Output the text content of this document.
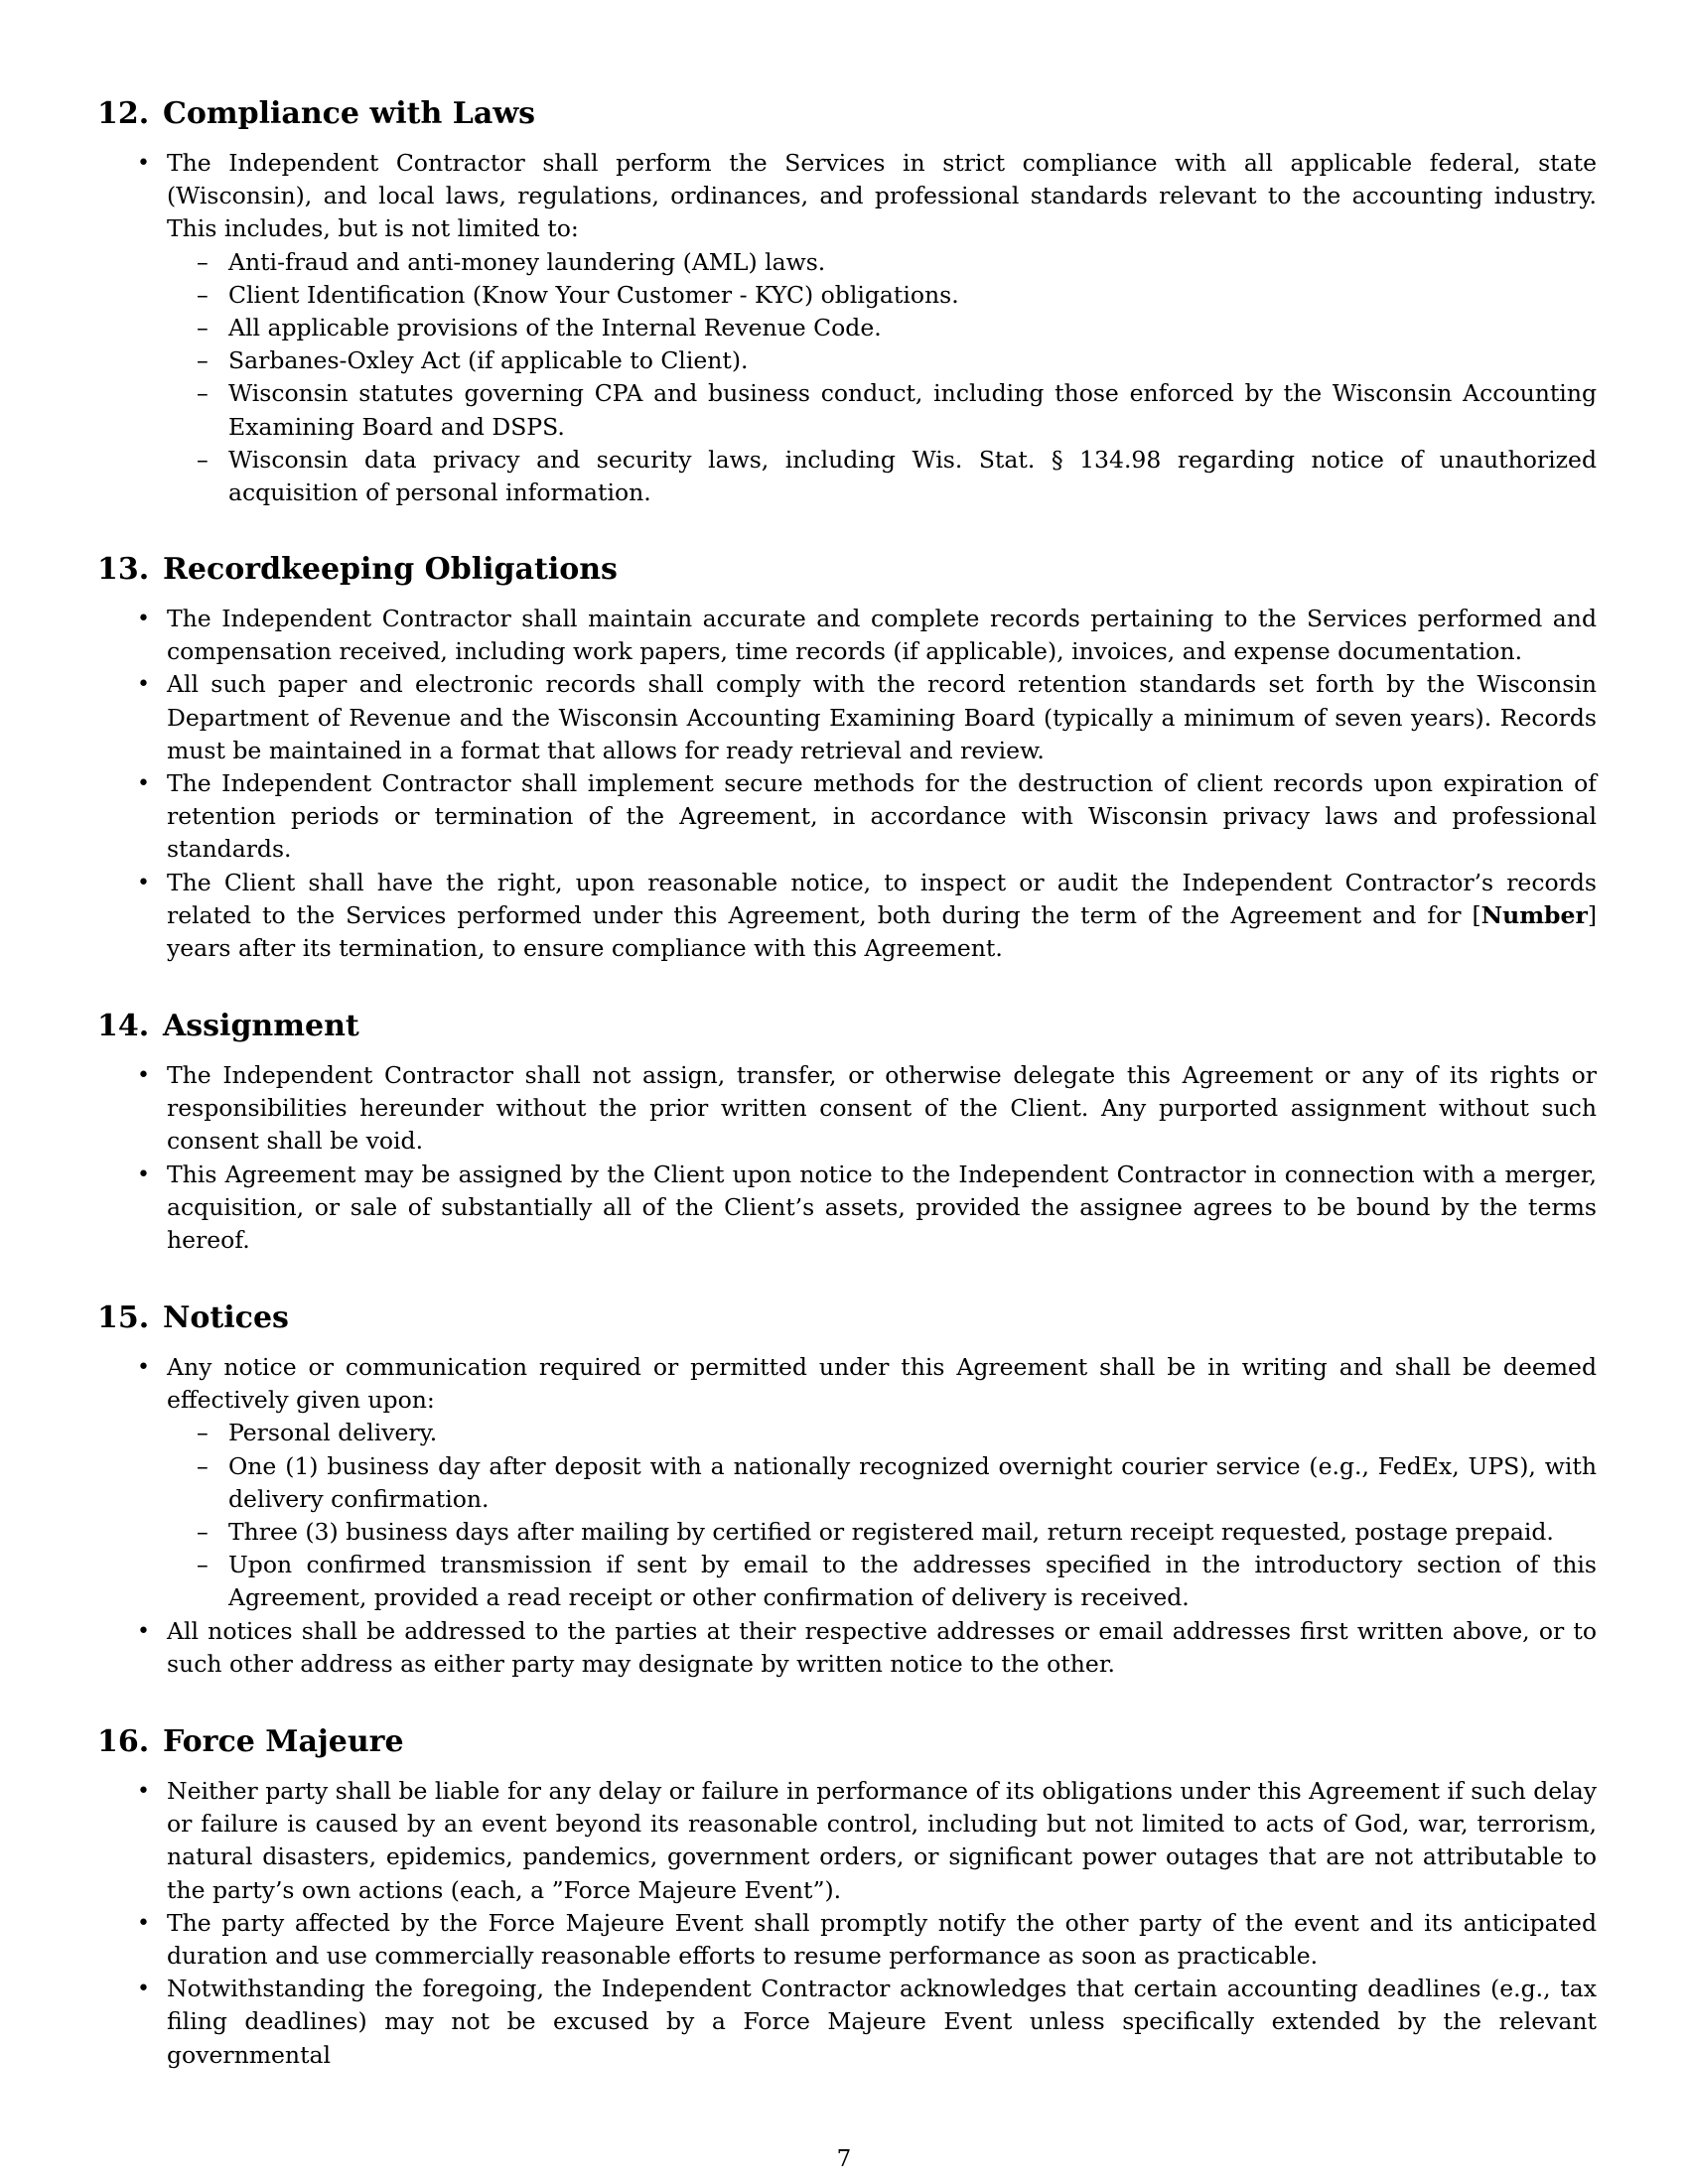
12. Compliance with Laws
• The Independent Contractor shall perform the Services in strict compliance with all applicable federal, state (Wisconsin), and local laws, regulations, ordinances, and professional standards relevant to the accounting industry. This includes, but is not limited to:
– Anti-fraud and anti-money laundering (AML) laws.
– Client Identification (Know Your Customer - KYC) obligations.
– All applicable provisions of the Internal Revenue Code.
– Sarbanes-Oxley Act (if applicable to Client).
– Wisconsin statutes governing CPA and business conduct, including those enforced by the Wisconsin Accounting Examining Board and DSPS.
– Wisconsin data privacy and security laws, including Wis. Stat. § 134.98 regarding notice of unauthorized acquisition of personal information.
13. Recordkeeping Obligations
• The Independent Contractor shall maintain accurate and complete records pertaining to the Services performed and compensation received, including work papers, time records (if applicable), invoices, and expense documentation.
• All such paper and electronic records shall comply with the record retention standards set forth by the Wisconsin Department of Revenue and the Wisconsin Accounting Examining Board (typically a minimum of seven years). Records must be maintained in a format that allows for ready retrieval and review.
• The Independent Contractor shall implement secure methods for the destruction of client records upon expiration of retention periods or termination of the Agreement, in accordance with Wisconsin privacy laws and professional standards.
• The Client shall have the right, upon reasonable notice, to inspect or audit the Independent Contractor’s records related to the Services performed under this Agreement, both during the term of the Agreement and for [Number] years after its termination, to ensure compliance with this Agreement.
14. Assignment
• The Independent Contractor shall not assign, transfer, or otherwise delegate this Agreement or any of its rights or responsibilities hereunder without the prior written consent of the Client. Any purported assignment without such consent shall be void.
• This Agreement may be assigned by the Client upon notice to the Independent Contractor in connection with a merger, acquisition, or sale of substantially all of the Client’s assets, provided the assignee agrees to be bound by the terms hereof.
15. Notices
• Any notice or communication required or permitted under this Agreement shall be in writing and shall be deemed effectively given upon:
– Personal delivery.
– One (1) business day after deposit with a nationally recognized overnight courier service (e.g., FedEx, UPS), with delivery confirmation.
– Three (3) business days after mailing by certified or registered mail, return receipt requested, postage prepaid.
– Upon confirmed transmission if sent by email to the addresses specified in the introductory section of this Agreement, provided a read receipt or other confirmation of delivery is received.
• All notices shall be addressed to the parties at their respective addresses or email addresses first written above, or to such other address as either party may designate by written notice to the other.
16. Force Majeure
• Neither party shall be liable for any delay or failure in performance of its obligations under this Agreement if such delay or failure is caused by an event beyond its reasonable control, including but not limited to acts of God, war, terrorism, natural disasters, epidemics, pandemics, government orders, or significant power outages that are not attributable to the party’s own actions (each, a ”Force Majeure Event”).
• The party affected by the Force Majeure Event shall promptly notify the other party of the event and its anticipated duration and use commercially reasonable efforts to resume performance as soon as practicable.
• Notwithstanding the foregoing, the Independent Contractor acknowledges that certain accounting deadlines (e.g., tax filing deadlines) may not be excused by a Force Majeure Event unless specifically extended by the relevant governmental
7
